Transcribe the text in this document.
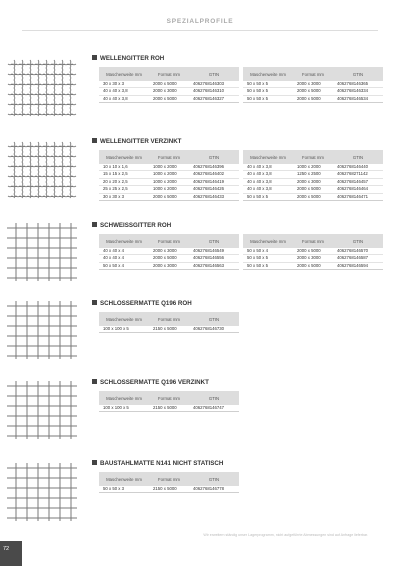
SPEZIALPROFILE
WELLENGITTER ROH
Maschenweite mm	Format mm	GTIN
30 x 30 x 3	2000 x 5000	4062768146303
40 x 40 x 3,8	2000 x 3000	4062768146310
40 x 40 x 3,8	2000 x 5000	4062768146327
Maschenweite mm	Format mm	GTIN
50 x 50 x 5	2000 x 3000	4062768146365
50 x 50 x 5	2000 x 5000	4062768146334
50 x 50 x 5	2000 x 5000	4062768146534
WELLENGITTER VERZINKT
Maschenweite mm	Format mm	GTIN
10 x 10 x 1,6	1000 x 2000	4062768146396
15 x 15 x 2,5	1000 x 2000	4062768146402
20 x 20 x 2,5	1000 x 2000	4062768146419
25 x 25 x 2,5	1000 x 2000	4062768146426
30 x 30 x 3	2000 x 5000	4062768146433
Maschenweite mm	Format mm	GTIN
40 x 40 x 3,8	1000 x 2000	4062768146440
40 x 40 x 3,8	1250 x 2500	4062768271142
40 x 40 x 3,8	2000 x 3000	4062768146457
40 x 40 x 3,8	2000 x 5000	4062768146464
50 x 50 x 5	2000 x 5000	4062768146471
SCHWEISSGITTER ROH
Maschenweite mm	Format mm	GTIN
40 x 40 x 4	2000 x 3000	4062768146549
40 x 40 x 4	2000 x 5000	4062768146556
50 x 50 x 4	2000 x 3000	4062768146563
Maschenweite mm	Format mm	GTIN
50 x 50 x 4	2000 x 5000	4062768146570
50 x 50 x 5	2000 x 3000	4062768146587
50 x 50 x 5	2000 x 5000	4062768146594
SCHLOSSERMATTE Q196 ROH
Maschenweite mm	Format mm	GTIN
100 x 100 x 5	2150 x 5000	4062768146730
SCHLOSSERMATTE Q196 VERZINKT
Maschenweite mm	Format mm	GTIN
100 x 100 x 5	2150 x 5000	4062768146747
BAUSTAHLMATTE N141 NICHT STATISCH
Maschenweite mm	Format mm	GTIN
50 x 50 x 3	2150 x 5000	4062768146778
Wir erweitern ständig unser Lagerprogramm, nicht aufgeführte Abmessungen sind auf Anfrage lieferbar.
72
